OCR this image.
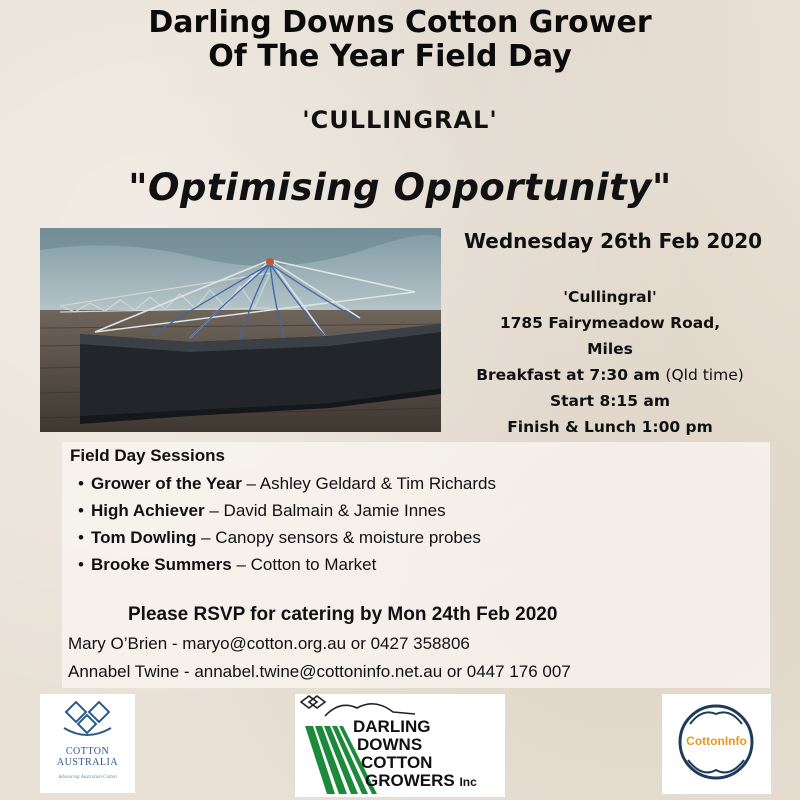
Darling Downs Cotton Grower
Of The Year Field Day
'CULLINGRAL'
"Optimising Opportunity"
Wednesday 26th Feb 2020
'Cullingral'
1785 Fairymeadow Road,
Miles
Breakfast at 7:30 am (Qld time)
Start 8:15 am
Finish & Lunch 1:00 pm
Field Day Sessions
• Grower of the Year – Ashley Geldard & Tim Richards
• High Achiever – David Balmain & Jamie Innes
• Tom Dowling – Canopy sensors & moisture probes
• Brooke Summers – Cotton to Market
Please RSVP for catering by Mon 24th Feb 2020
Mary O’Brien - maryo@cotton.org.au or 0427 358806
Annabel Twine - annabel.twine@cottoninfo.net.au or 0447 176 007
COTTON
AUSTRALIA
Advancing Australian Cotton
DARLING
DOWNS
COTTON
GROWERS Inc
CottonInfo
